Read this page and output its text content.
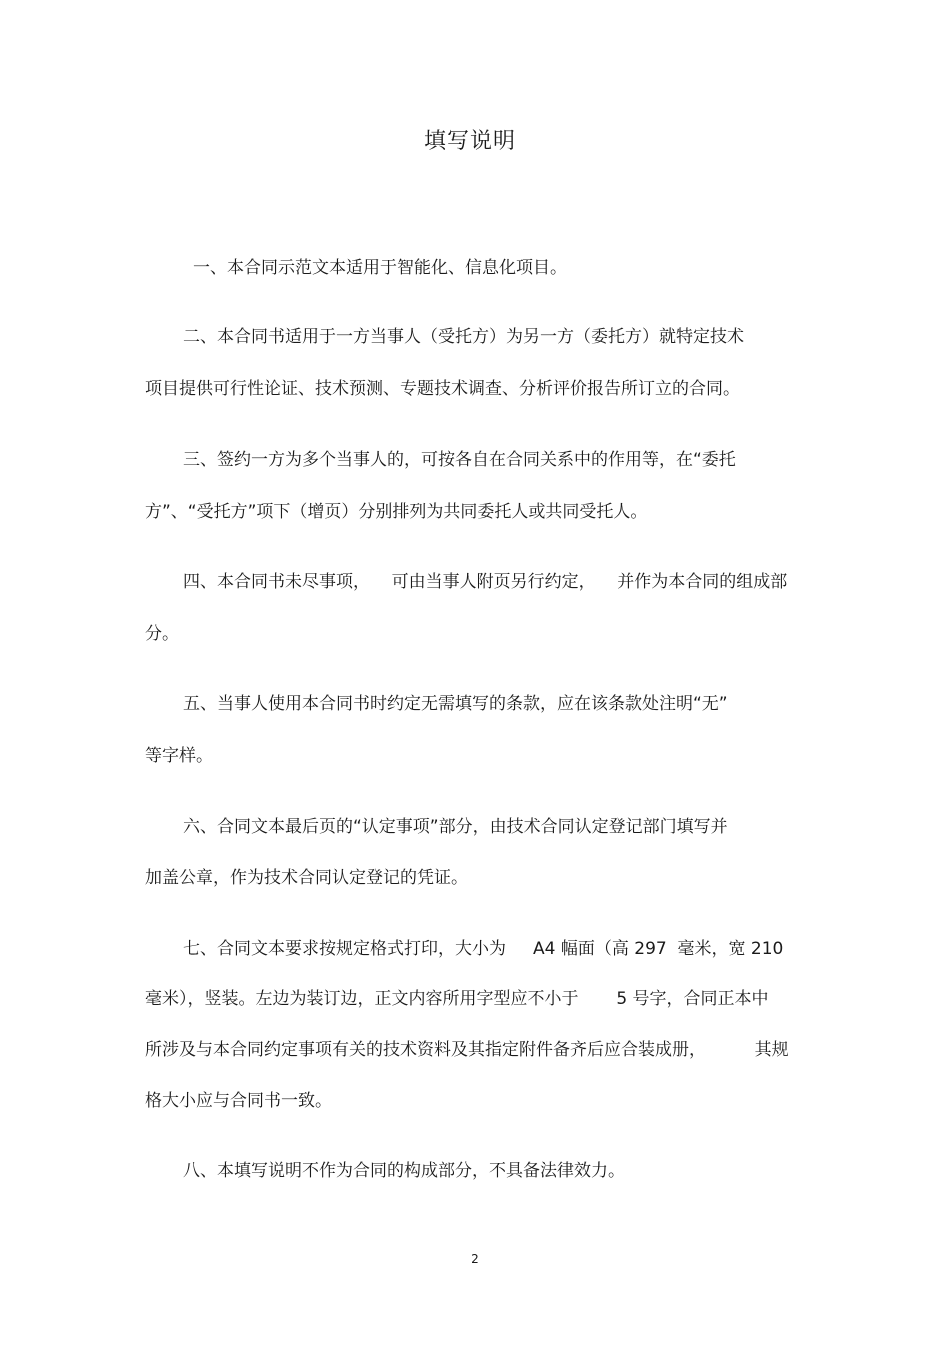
填写说明
一、本合同示范文本适用于智能化、信息化项目。
二、本合同书适用于一方当事人（受托方）为另一方（委托方）就特定技术
项目提供可行性论证、技术预测、专题技术调查、分析评价报告所订立的合同。
三、签约一方为多个当事人的，可按各自在合同关系中的作用等，在“委托
方”、“受托方”项下（增页）分别排列为共同委托人或共同受托人。
四、本合同书未尽事项，    可由当事人附页另行约定，    并作为本合同的组成部
分。
五、当事人使用本合同书时约定无需填写的条款，应在该条款处注明“无”
等字样。
六、合同文本最后页的“认定事项”部分，由技术合同认定登记部门填写并
加盖公章，作为技术合同认定登记的凭证。
七、合同文本要求按规定格式打印，大小为     A4 幅面（高 297  毫米，宽 210
毫米），竖装。左边为装订边，正文内容所用字型应不小于       5 号字，合同正本中
所涉及与本合同约定事项有关的技术资料及其指定附件备齐后应合装成册，         其规
格大小应与合同书一致。
八、本填写说明不作为合同的构成部分，不具备法律效力。
2
